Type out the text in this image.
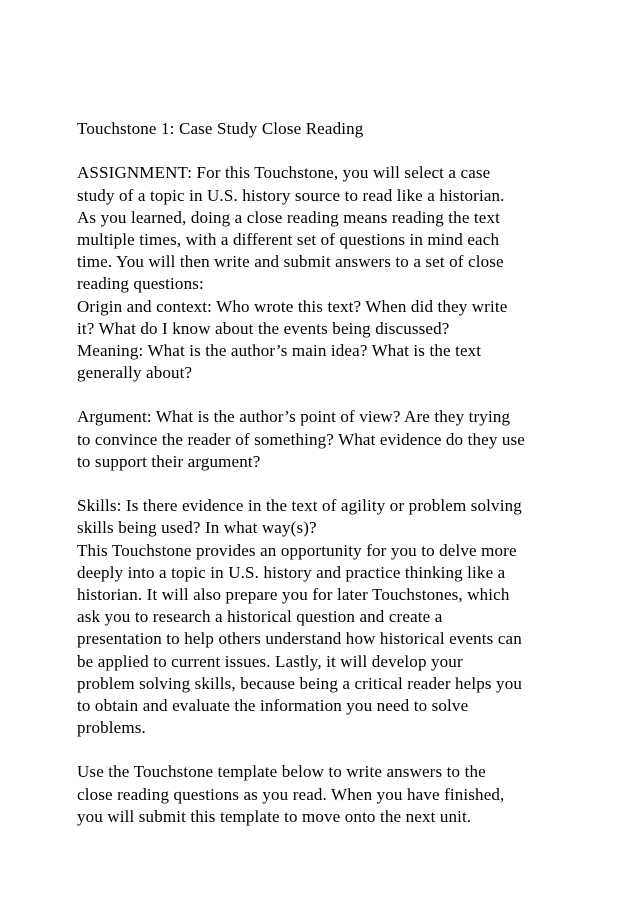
Touchstone 1: Case Study Close Reading
ASSIGNMENT: For this Touchstone, you will select a case
study of a topic in U.S. history source to read like a historian.
As you learned, doing a close reading means reading the text
multiple times, with a different set of questions in mind each
time. You will then write and submit answers to a set of close
reading questions:
Origin and context: Who wrote this text? When did they write
it? What do I know about the events being discussed?
Meaning: What is the author’s main idea? What is the text
generally about?
Argument: What is the author’s point of view? Are they trying
to convince the reader of something? What evidence do they use
to support their argument?
Skills: Is there evidence in the text of agility or problem solving
skills being used? In what way(s)?
This Touchstone provides an opportunity for you to delve more
deeply into a topic in U.S. history and practice thinking like a
historian. It will also prepare you for later Touchstones, which
ask you to research a historical question and create a
presentation to help others understand how historical events can
be applied to current issues. Lastly, it will develop your
problem solving skills, because being a critical reader helps you
to obtain and evaluate the information you need to solve
problems.
Use the Touchstone template below to write answers to the
close reading questions as you read. When you have finished,
you will submit this template to move onto the next unit.
